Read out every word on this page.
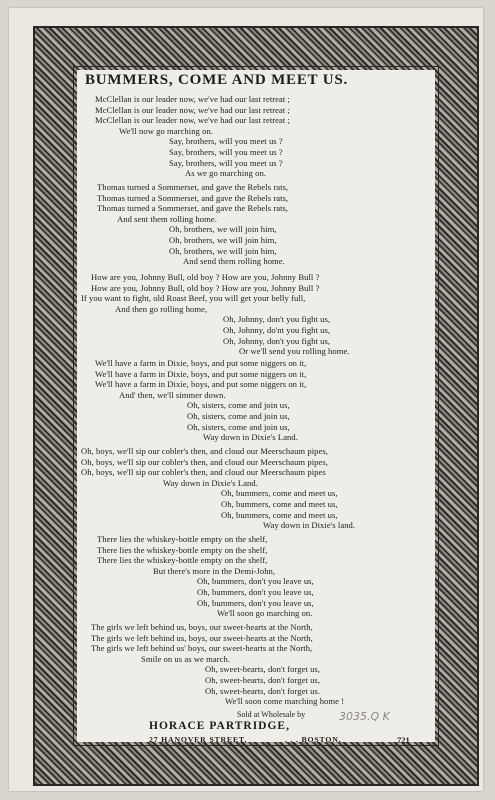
BUMMERS, COME AND MEET US.
Sold at Wholesale by
HORACE PARTRIDGE,
27 HANOVER STREET,	. . . BOSTON.	721
3035.Q K
McClellan is our leader now, we've had our last retreat ;
McClellan is our leader now, we've had our last retreat ;
McClellan is our leader now, we've had our last retreat ;
We'll now go marching on.
Say, brothers, will you meet us ?
Say, brothers, will you meet us ?
Say, brothers, will you meet us ?
As we go marching on.
Thomas turned a Sommerset, and gave the Rebels rats,
Thomas turned a Sommerset, and gave the Rebels rats,
Thomas turned a Sommerset, and gave the Rebels rats,
And sent them rolling home.
Oh, brothers, we will join him,
Oh, brothers, we will join him,
Oh, brothers, we will join him,
And send them rolling home.
How are you, Johnny Bull, old boy ? How are you, Johnny Bull ?
How are you, Johnny Bull, old boy ? How are you, Johnny Bull ?
If you want to fight, old Roast Beef, you will get your belly full,
And then go rolling home,
Oh, Johnny, don't you fight us,
Oh, Johnny, do'nt you fight us,
Oh, Johnny, don't you fight us,
Or we'll send you rolling home.
We'll have a farm in Dixie, boys, and put some niggers on it,
We'll have a farm in Dixie, boys, and put some niggers on it,
We'll have a farm in Dixie, boys, and put some niggers on it,
And' then, we'll simmer down.
Oh, sisters, come and join us,
Oh, sisters, come and join us,
Oh, sisters, come and join us,
Way down in Dixie's Land.
Oh, boys, we'll sip our cobler's then, and cloud our Meerschaum pipes,
Oh, boys, we'll sip our cobler's then, and cloud our Meerschaum pipes,
Oh, boys, we'll sip our cobler's then, and cloud our Meerschaum pipes
Way down in Dixie's Land.
Oh, bummers, come and meet us,
Oh, bummers, come and meet us,
Oh, bummers, come and meet us,
Way down in Dixie's land.
There lies the whiskey-bottle empty on the shelf,
There lies the whiskey-bottle empty on the shelf,
There lies the whiskey-bottle empty on the shelf,
But there's more in the Demi-John,
Oh, bummers, don't you leave us,
Oh, bummers, don't you leave us,
Oh, bummers, don't you leave us,
We'll soon go marching on.
The girls we left behind us, boys, our sweet-hearts at the North,
The girls we left behind us, boys, our sweet-hearts at the North,
The girls we left behind us' boys, our sweet-hearts at the North,
Smile on us as we march.
Oh, sweet-hearts, don't forget us,
Oh, sweet-hearts, don't forget us,
Oh, sweet-hearts, don't forget us.
We'll soon come marching home !
